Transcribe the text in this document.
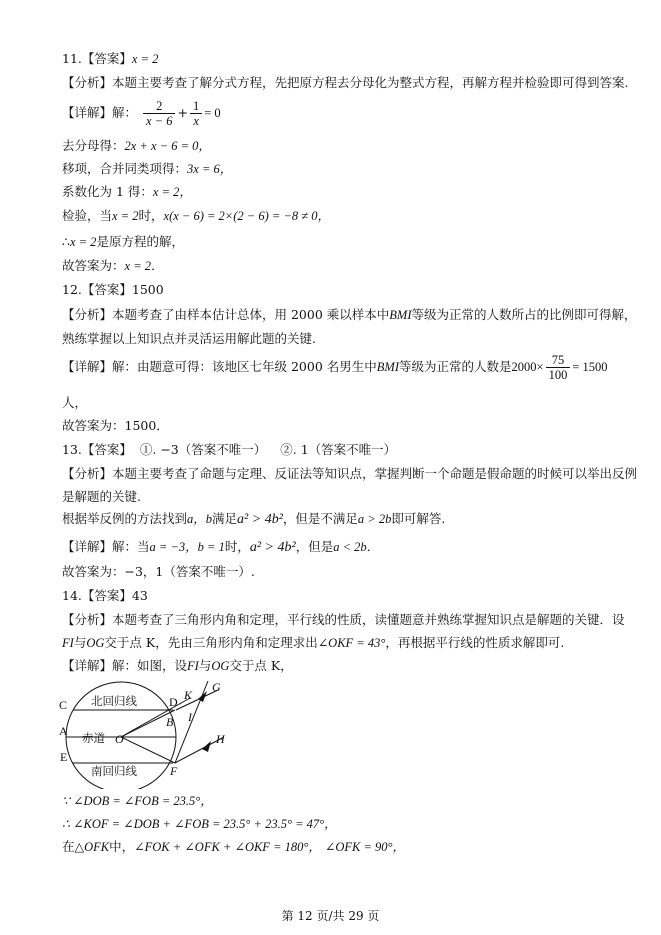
11.【答案】x = 2
【分析】本题主要考查了解分式方程，先把原方程去分母化为整式方程，再解方程并检验即可得到答案.
【详解】解： $\frac{2}{x - 6} + \frac{1}{x} = 0$
去分母得：2x + x − 6 = 0，
移项，合并同类项得：3x = 6，
系数化为 1 得：x = 2，
检验，当x = 2时，x(x − 6) = 2×(2 − 6) = −8 ≠ 0，
∴x = 2是原方程的解，
故答案为：x = 2．
12.【答案】1500
【分析】本题考查了由样本估计总体，用 2000 乘以样本中BMI等级为正常的人数所占的比例即可得解，
熟练掌握以上知识点并灵活运用解此题的关键.
【详解】解：由题意可得：该地区七年级 2000 名男生中BMI等级为正常的人数是$2000\times \frac{75}{100} = 1500$
人，
故答案为：1500．
13.【答案】 ①. −3（答案不唯一） ②. 1（答案不唯一）
【分析】本题主要考查了命题与定理、反证法等知识点，掌握判断一个命题是假命题的时候可以举出反例
是解题的关键.
根据举反例的方法找到a，b满足a² > 4b²，但是不满足a > 2b即可解答.
【详解】解：当a = −3，b = 1时，a² > 4b²，但是a < 2b．
故答案为：−3，1（答案不唯一）.
14.【答案】43
【分析】本题考查了三角形内角和定理，平行线的性质，读懂题意并熟练掌握知识点是解题的关键．设
FI与OG交于点 K，先由三角形内角和定理求出∠OKF = 43°，再根据平行线的性质求解即可.
【详解】解：如图，设FI与OG交于点 K，
北回归线
赤道
南回归线
C
A
E
O
D K
G
B I
F
H
∵ ∠DOB = ∠FOB = 23.5°，
∴ ∠KOF = ∠DOB + ∠FOB = 23.5° + 23.5° = 47°，
在△OFK中，∠FOK + ∠OFK + ∠OKF = 180°， ∠OFK = 90°，
第 12 页/共 29 页
